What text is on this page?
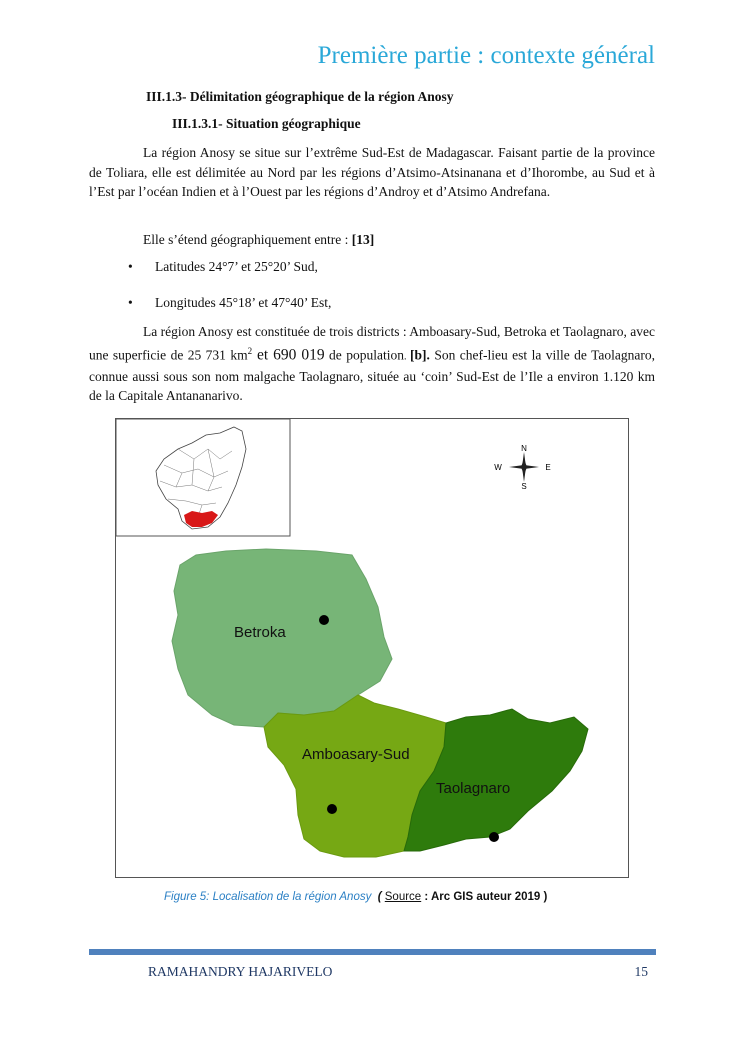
Première partie : contexte général
III.1.3- Délimitation géographique de la région Anosy
III.1.3.1- Situation géographique
La région Anosy se situe sur l’extrême Sud-Est de Madagascar. Faisant partie de la province de Toliara, elle est délimitée au Nord par les régions d’Atsimo-Atsinanana et d’Ihorombe, au Sud et à l’Est par l’océan Indien et à l’Ouest par les régions d’Androy et d’Atsimo Andrefana.
Elle s’étend géographiquement entre : [13]
• Latitudes 24°7’ et 25°20’ Sud,
• Longitudes 45°18’ et 47°40’ Est,
La région Anosy est constituée de trois districts : Amboasary-Sud, Betroka et Taolagnaro, avec une superficie de 25 731 $km^2$ et 690 019 de population. [b]. Son chef-lieu est la ville de Taolagnaro, connue aussi sous son nom malgache Taolagnaro, située au ‘coin’ Sud-Est de l’Ile a environ 1.120 km de la Capitale Antananarivo.
N
S
E
W
Betroka
Amboasary-Sud
Taolagnaro
Figure 5: Localisation de la région Anosy ( Source : Arc GIS auteur 2019 )
RAMAHANDRY HAJARIVELO	15
